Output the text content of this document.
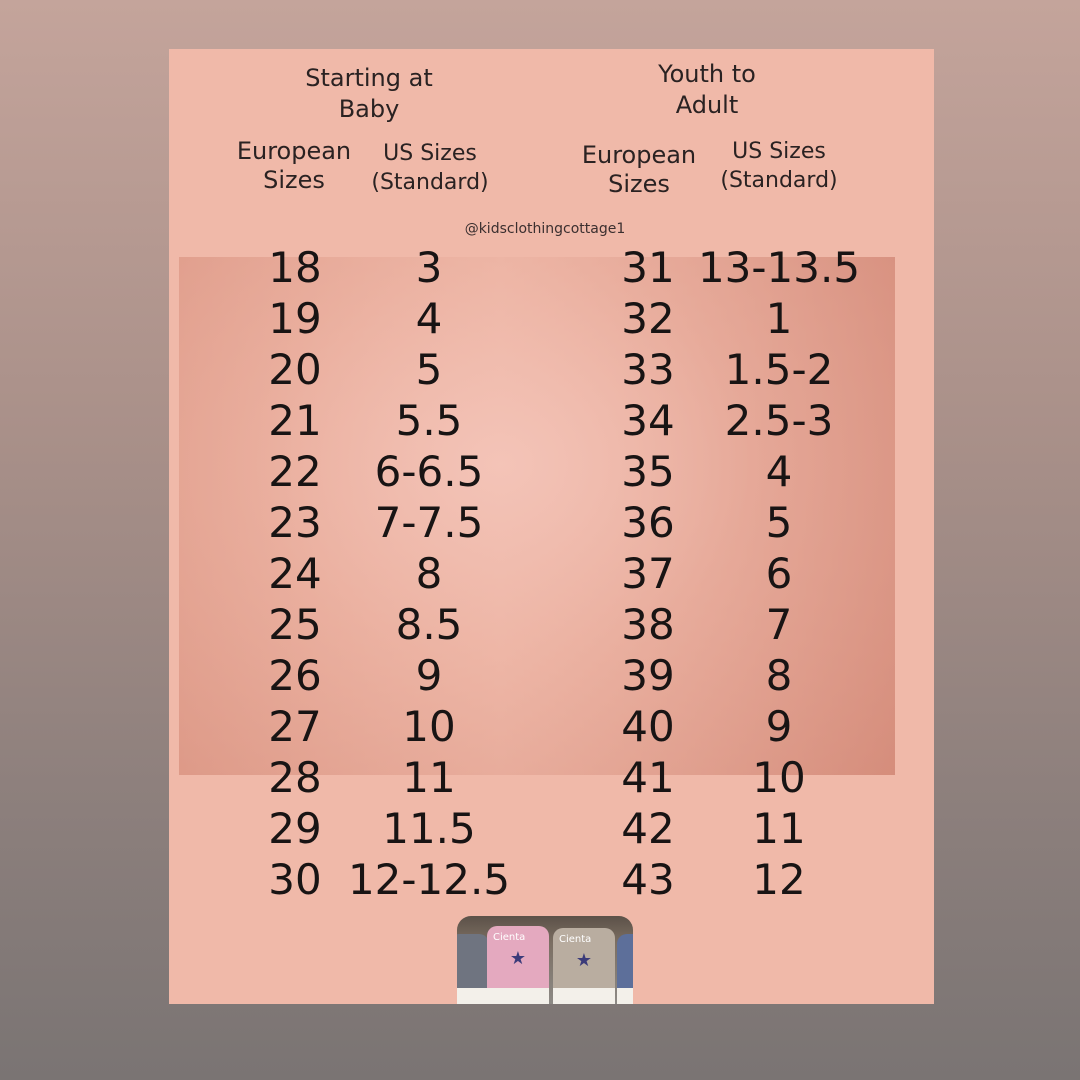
Starting at
Baby
European
Sizes
US Sizes
(Standard)
Youth to
Adult
European
Sizes
US Sizes
(Standard)
@kidsclothingcottage1
18
19
20
21
22
23
24
25
26
27
28
29
30
3
4
5
5.5
6-6.5
7-7.5
8
8.5
9
10
11
11.5
12-12.5
31
32
33
34
35
36
37
38
39
40
41
42
43
13-13.5
1
1.5-2
2.5-3
4
5
6
7
8
9
10
11
12
Cienta
★
Cienta
★
